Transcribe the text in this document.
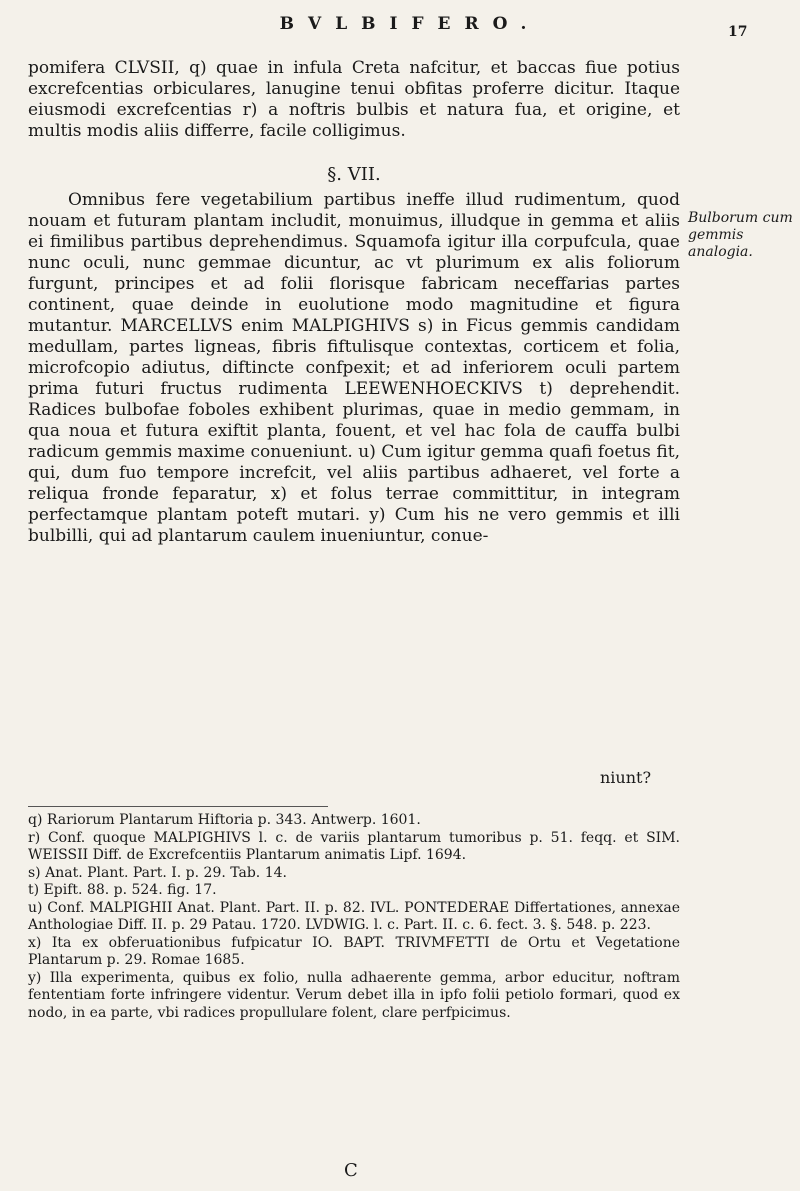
BVLBIFERO.	17

pomifera CLVSII, q) quae in infula Creta nafcitur, et baccas fiue potius excrefcentias orbiculares, lanugine tenui obfitas proferre dicitur. Itaque eiusmodi excrefcentias r) a noftris bulbis et natura fua, et origine, et multis modis aliis differre, facile colligimus.

§. VII.

Omnibus fere vegetabilium partibus ineffe illud rudimentum, quod nouam et futuram plantam includit, monuimus, illudque in gemma et aliis ei fimilibus partibus deprehendimus. Squamofa igitur illa corpufcula, quae nunc oculi, nunc gemmae dicuntur, ac vt plurimum ex alis foliorum furgunt, principes et ad folii florisque fabricam neceffarias partes continent, quae deinde in euolutione modo magnitudine et figura mutantur. MARCELLVS enim MALPIGHIVS s) in Ficus gemmis candidam medullam, partes ligneas, fibris fiftulisque contextas, corticem et folia, microfcopio adiutus, diftincte confpexit; et ad inferiorem oculi partem prima futuri fructus rudimenta LEEWENHOECKIVS t) deprehendit. Radices bulbofae foboles exhibent plurimas, quae in medio gemmam, in qua noua et futura exiftit planta, fouent, et vel hac fola de cauffa bulbi radicum gemmis maxime conueniunt. u) Cum igitur gemma quafi foetus fit, qui, dum fuo tempore increfcit, vel aliis partibus adhaeret, vel forte a reliqua fronde feparatur, x) et folus terrae committitur, in integram perfectamque plantam poteft mutari. y) Cum his ne vero gemmis et illi bulbilli, qui ad plantarum caulem inueniuntur, conue-

Bulborum cum gemmis analogia.
niunt?

q) Rariorum Plantarum Hiftoria p. 343. Antwerp. 1601.

r) Conf. quoque MALPIGHIVS l. c. de variis plantarum tumoribus p. 51. feqq. et SIM. WEISSII Diff. de Excrefcentiis Plantarum animatis Lipf. 1694.

s) Anat. Plant. Part. I. p. 29. Tab. 14.

t) Epift. 88. p. 524. fig. 17.

u) Conf. MALPIGHII Anat. Plant. Part. II. p. 82. IVL. PONTEDERAE Differtationes, annexae Anthologiae Diff. II. p. 29 Patau. 1720. LVDWIG. l. c. Part. II. c. 6. fect. 3. §. 548. p. 223.

x) Ita ex obferuationibus fufpicatur IO. BAPT. TRIVMFETTI de Ortu et Vegetatione Plantarum p. 29. Romae 1685.

y) Illa experimenta, quibus ex folio, nulla adhaerente gemma, arbor educitur, noftram fententiam forte infringere videntur. Verum debet illa in ipfo folii petiolo formari, quod ex nodo, in ea parte, vbi radices propullulare folent, clare perfpicimus.

C
